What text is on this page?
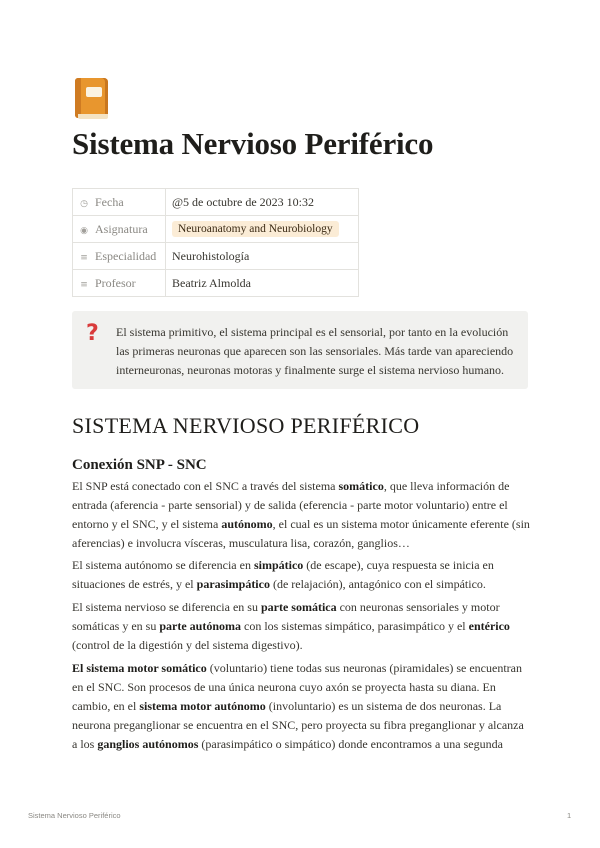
Sistema Nervioso Periférico
◷ Fecha	@5 de octubre de 2023 10:32
◉ Asignatura	Neuroanatomy and Neurobiology
≡ Especialidad	Neurohistología
≡ Profesor	Beatriz Almolda
? El sistema primitivo, el sistema principal es el sensorial, por tanto en la evolución las primeras neuronas que aparecen son las sensoriales. Más tarde van apareciendo interneuronas, neuronas motoras y finalmente surge el sistema nervioso humano.

SISTEMA NERVIOSO PERIFÉRICO
Conexión SNP - SNC

El SNP está conectado con el SNC a través del sistema somático, que lleva información de entrada (aferencia - parte sensorial) y de salida (eferencia - parte motor voluntario) entre el entorno y el SNC, y el sistema autónomo, el cual es un sistema motor únicamente eferente (sin aferencias) e involucra vísceras, musculatura lisa, corazón, ganglios…

El sistema autónomo se diferencia en simpático (de escape), cuya respuesta se inicia en situaciones de estrés, y el parasimpático (de relajación), antagónico con el simpático.

El sistema nervioso se diferencia en su parte somática con neuronas sensoriales y motor somáticas y en su parte autónoma con los sistemas simpático, parasimpático y el entérico (control de la digestión y del sistema digestivo).

El sistema motor somático (voluntario) tiene todas sus neuronas (piramidales) se encuentran en el SNC. Son procesos de una única neurona cuyo axón se proyecta hasta su diana. En cambio, en el sistema motor autónomo (involuntario) es un sistema de dos neuronas. La neurona preganglionar se encuentra en el SNC, pero proyecta su fibra preganglionar y alcanza a los ganglios autónomos (parasimpático o simpático) donde encontramos a una segunda

Sistema Nervioso Periférico	1
